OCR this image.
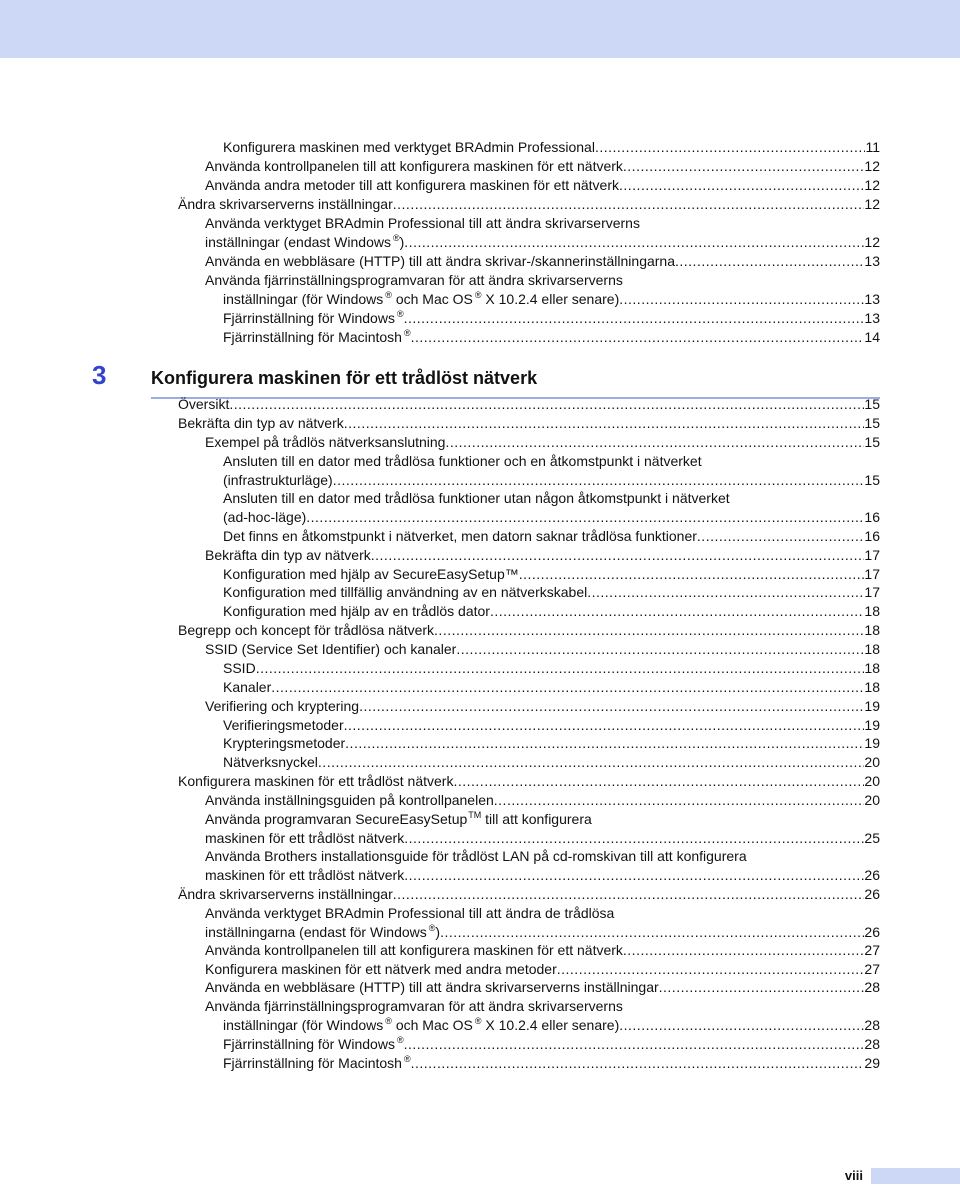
Konfigurera maskinen med verktyget BRAdmin Professional .....	11
Använda kontrollpanelen till att konfigurera maskinen för ett nätverk .....	12
Använda andra metoder till att konfigurera maskinen för ett nätverk .....	12
Ändra skrivarserverns inställningar .....	12
Använda verktyget BRAdmin Professional till att ändra skrivarserverns
inställningar (endast Windows ®) .....	12
Använda en webbläsare (HTTP) till att ändra skrivar-/skannerinställningarna .....	13
Använda fjärrinställningsprogramvaran för att ändra skrivarserverns
inställningar (för Windows ® och Mac OS ® X 10.2.4 eller senare) .....	13
Fjärrinställning för Windows ® .....	13
Fjärrinställning för Macintosh ® .....	14
3 Konfigurera maskinen för ett trådlöst nätverk
Översikt .....	15
Bekräfta din typ av nätverk .....	15
Exempel på trådlös nätverksanslutning .....	15
Ansluten till en dator med trådlösa funktioner och en åtkomstpunkt i nätverket
(infrastrukturläge) .....	15
Ansluten till en dator med trådlösa funktioner utan någon åtkomstpunkt i nätverket
(ad-hoc-läge) .....	16
Det finns en åtkomstpunkt i nätverket, men datorn saknar trådlösa funktioner .....	16
Bekräfta din typ av nätverk .....	17
Konfiguration med hjälp av SecureEasySetup™ .....	17
Konfiguration med tillfällig användning av en nätverkskabel .....	17
Konfiguration med hjälp av en trådlös dator .....	18
Begrepp och koncept för trådlösa nätverk .....	18
SSID (Service Set Identifier) och kanaler .....	18
SSID .....	18
Kanaler .....	18
Verifiering och kryptering .....	19
Verifieringsmetoder .....	19
Krypteringsmetoder .....	19
Nätverksnyckel .....	20
Konfigurera maskinen för ett trådlöst nätverk .....	20
Använda inställningsguiden på kontrollpanelen .....	20
Använda programvaran SecureEasySetup™ till att konfigurera
maskinen för ett trådlöst nätverk .....	25
Använda Brothers installationsguide för trådlöst LAN på cd-romskivan till att konfigurera
maskinen för ett trådlöst nätverk .....	26
Ändra skrivarserverns inställningar .....	26
Använda verktyget BRAdmin Professional till att ändra de trådlösa
inställningarna (endast för Windows ®) .....	26
Använda kontrollpanelen till att konfigurera maskinen för ett nätverk .....	27
Konfigurera maskinen för ett nätverk med andra metoder .....	27
Använda en webbläsare (HTTP) till att ändra skrivarserverns inställningar .....	28
Använda fjärrinställningsprogramvaran för att ändra skrivarserverns
inställningar (för Windows ® och Mac OS ® X 10.2.4 eller senare) .....	28
Fjärrinställning för Windows ® .....	28
Fjärrinställning för Macintosh ® .....	29
viii
